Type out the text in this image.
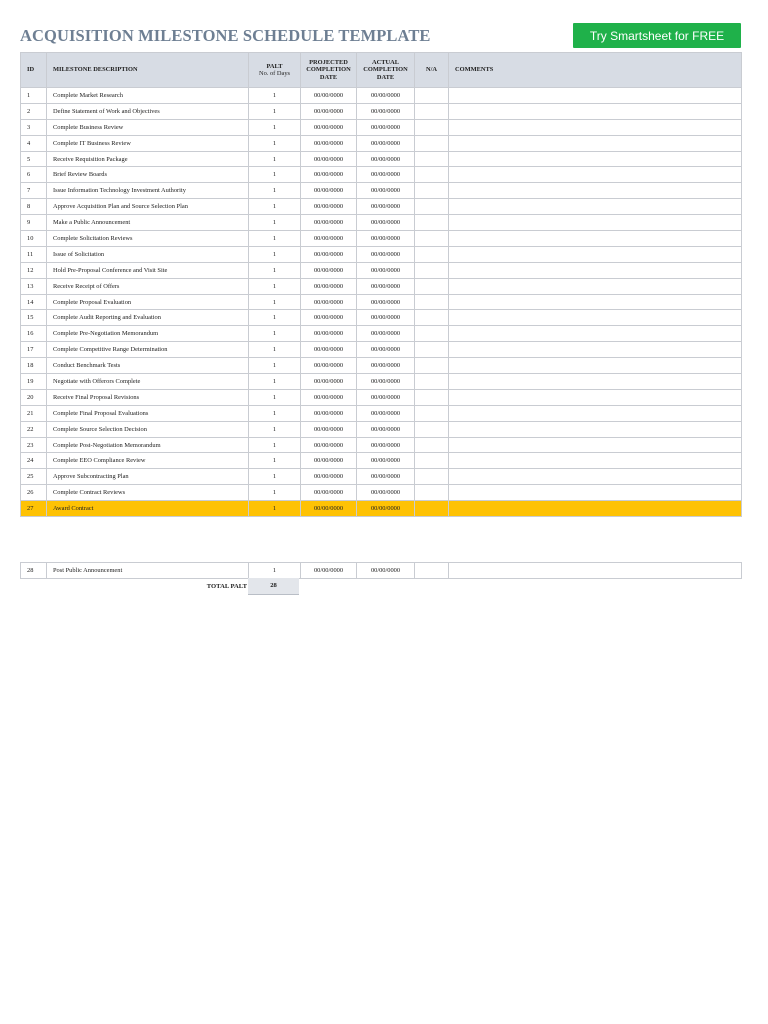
ACQUISITION MILESTONE SCHEDULE TEMPLATE	Try Smartsheet for FREE
ID	MILESTONE DESCRIPTION	PALT
No. of Days	PROJECTED COMPLETION DATE	ACTUAL COMPLETION DATE	N/A	COMMENTS
1	Complete Market Research	1	00/00/0000	00/00/0000		
2	Define Statement of Work and Objectives	1	00/00/0000	00/00/0000		
3	Complete Business Review	1	00/00/0000	00/00/0000		
4	Complete IT Business Review	1	00/00/0000	00/00/0000		
5	Receive Requisition Package	1	00/00/0000	00/00/0000		
6	Brief Review Boards	1	00/00/0000	00/00/0000		
7	Issue Information Technology Investment Authority	1	00/00/0000	00/00/0000		
8	Approve Acquisition Plan and Source Selection Plan	1	00/00/0000	00/00/0000		
9	Make a Public Announcement	1	00/00/0000	00/00/0000		
10	Complete Solicitation Reviews	1	00/00/0000	00/00/0000		
11	Issue of Solicitation	1	00/00/0000	00/00/0000		
12	Hold Pre-Proposal Conference and Visit Site	1	00/00/0000	00/00/0000		
13	Receive Receipt of Offers	1	00/00/0000	00/00/0000		
14	Complete Proposal Evaluation	1	00/00/0000	00/00/0000		
15	Complete Audit Reporting and Evaluation	1	00/00/0000	00/00/0000		
16	Complete Pre-Negotiation Memorandum	1	00/00/0000	00/00/0000		
17	Complete Competitive Range Determination	1	00/00/0000	00/00/0000		
18	Conduct Benchmark Tests	1	00/00/0000	00/00/0000		
19	Negotiate with Offerors Complete	1	00/00/0000	00/00/0000		
20	Receive Final Proposal Revisions	1	00/00/0000	00/00/0000		
21	Complete Final Proposal Evaluations	1	00/00/0000	00/00/0000		
22	Complete Source Selection Decision	1	00/00/0000	00/00/0000		
23	Complete Post-Negotiation Memorandum	1	00/00/0000	00/00/0000		
24	Complete EEO Compliance Review	1	00/00/0000	00/00/0000		
25	Approve Subcontracting Plan	1	00/00/0000	00/00/0000		
26	Complete Contract Reviews	1	00/00/0000	00/00/0000		
27	Award Contract	1	00/00/0000	00/00/0000		
28	Post Public Announcement	1	00/00/0000	00/00/0000		
TOTAL PALT	28
